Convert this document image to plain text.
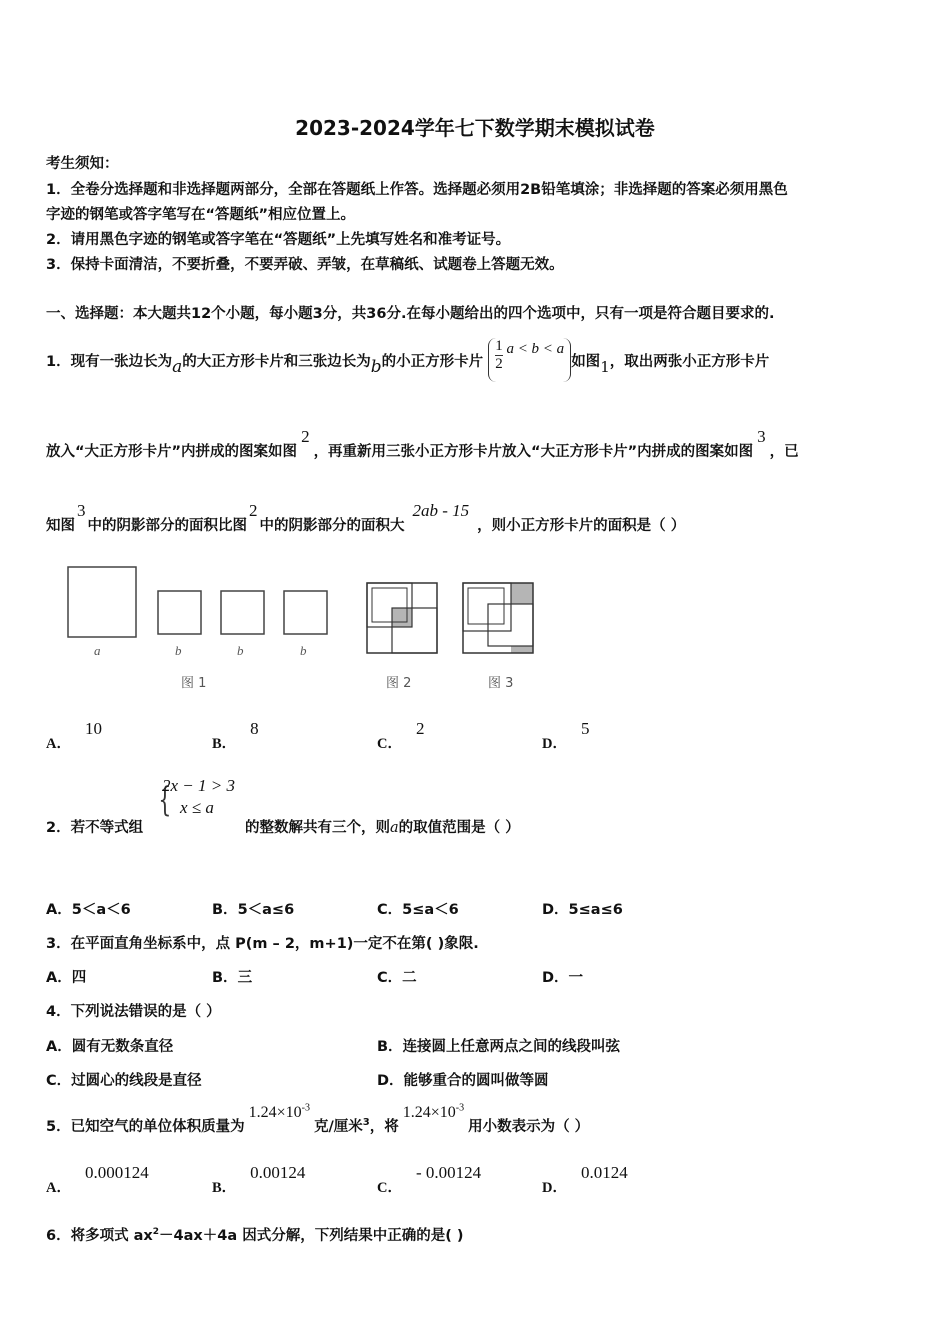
2023-2024学年七下数学期末模拟试卷
考生须知：
1．全卷分选择题和非选择题两部分，全部在答题纸上作答。选择题必须用2B铅笔填涂；非选择题的答案必须用黑色
字迹的钢笔或答字笔写在“答题纸”相应位置上。
2．请用黑色字迹的钢笔或答字笔在“答题纸”上先填写姓名和准考证号。
3．保持卡面清洁，不要折叠，不要弄破、弄皱，在草稿纸、试题卷上答题无效。
一、选择题：本大题共12个小题，每小题3分，共36分.在每小题给出的四个选项中，只有一项是符合题目要求的.
1．现有一张边长为a的大正方形卡片和三张边长为b的小正方形卡片 $\frac{1}{2}$ a < b < a如图1，取出两张小正方形卡片
放入“大正方形卡片”内拼成的图案如图2，再重新用三张小正方形卡片放入“大正方形卡片”内拼成的图案如图3，已
知图3中的阴影部分的面积比图2中的阴影部分的面积大2ab - 15，则小正方形卡片的面积是（ ）
a	b	b	b
图 1	图 2	图 3
A．10
B．8
C．2
D．5
{
2x − 1 > 3
x ≤ a
2．若不等式组	的整数解共有三个，则a的取值范围是（ ）
A．5＜a＜6	B．5＜a≤6	C．5≤a＜6	D．5≤a≤6
3．在平面直角坐标系中，点 P(m – 2，m+1)一定不在第( )象限.
A．四	B．三	C．二	D．一
4．下列说法错误的是（ ）
A．圆有无数条直径	B．连接圆上任意两点之间的线段叫弦
C．过圆心的线段是直径	D．能够重合的圆叫做等圆
5．已知空气的单位体积质量为$1.24\times 10^{-3}$克/厘米$^3$，将$1.24\times 10^{-3}$用小数表示为（ ）
A．0.000124
B．0.00124
C．- 0.00124
D．0.0124
6．将多项式 $ax^2-4ax+4a$ 因式分解，下列结果中正确的是( )
